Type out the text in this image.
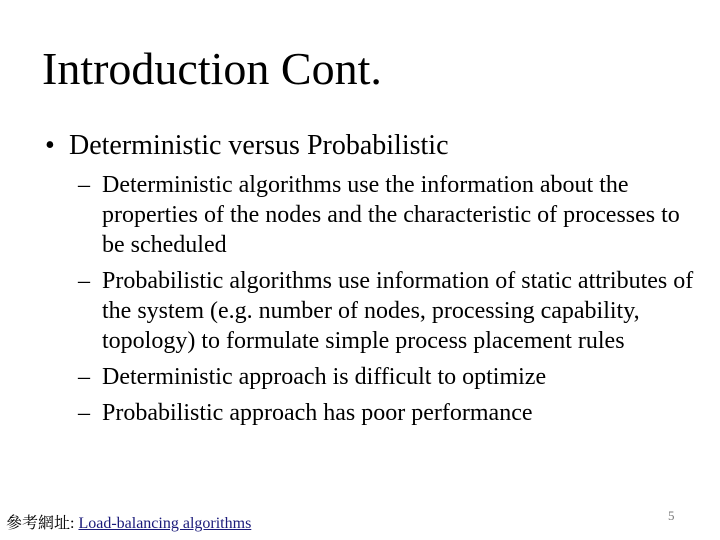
Introduction Cont.
• Deterministic versus Probabilistic
– Deterministic algorithms use the information about the properties of the nodes and the characteristic of processes to be scheduled
– Probabilistic algorithms use information of static attributes of the system (e.g. number of nodes, processing capability, topology) to formulate simple process placement rules
– Deterministic approach is difficult to optimize
– Probabilistic approach has poor performance
參考網址: Load-balancing algorithms	5
